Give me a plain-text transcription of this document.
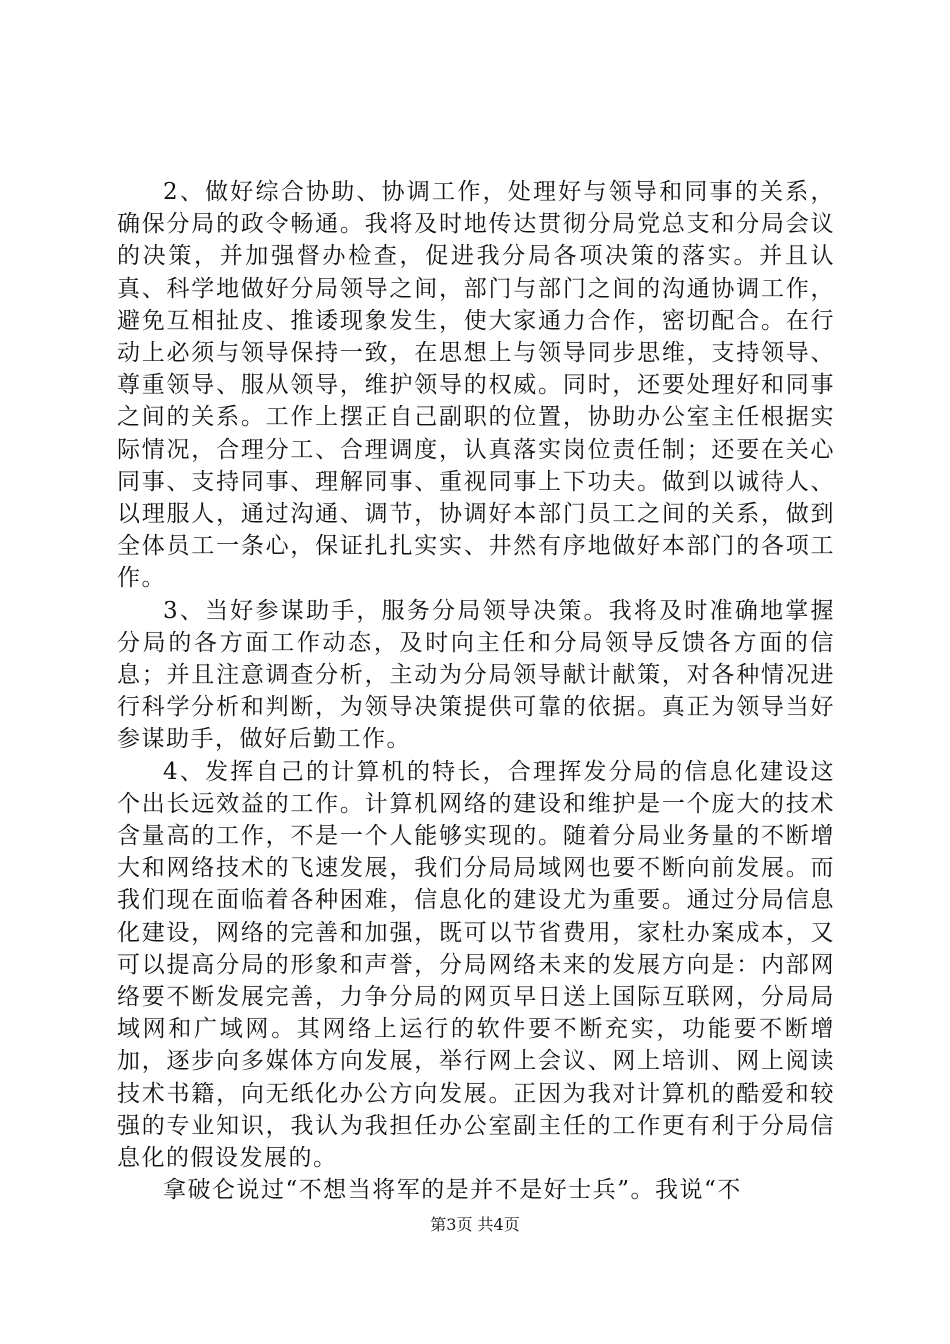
2、做好综合协助、协调工作，处理好与领导和同事的关系，确保分局的政令畅通。我将及时地传达贯彻分局党总支和分局会议的决策，并加强督办检查，促进我分局各项决策的落实。并且认真、科学地做好分局领导之间，部门与部门之间的沟通协调工作，避免互相扯皮、推诿现象发生，使大家通力合作，密切配合。在行动上必须与领导保持一致，在思想上与领导同步思维，支持领导、尊重领导、服从领导，维护领导的权威。同时，还要处理好和同事之间的关系。工作上摆正自己副职的位置，协助办公室主任根据实际情况，合理分工、合理调度，认真落实岗位责任制；还要在关心同事、支持同事、理解同事、重视同事上下功夫。做到以诚待人、以理服人，通过沟通、调节，协调好本部门员工之间的关系，做到全体员工一条心，保证扎扎实实、井然有序地做好本部门的各项工作。

3、当好参谋助手，服务分局领导决策。我将及时准确地掌握分局的各方面工作动态，及时向主任和分局领导反馈各方面的信息；并且注意调查分析，主动为分局领导献计献策，对各种情况进行科学分析和判断，为领导决策提供可靠的依据。真正为领导当好参谋助手，做好后勤工作。

4、发挥自己的计算机的特长，合理挥发分局的信息化建设这个出长远效益的工作。计算机网络的建设和维护是一个庞大的技术含量高的工作，不是一个人能够实现的。随着分局业务量的不断增大和网络技术的飞速发展，我们分局局域网也要不断向前发展。而我们现在面临着各种困难，信息化的建设尤为重要。通过分局信息化建设，网络的完善和加强，既可以节省费用，家杜办案成本，又可以提高分局的形象和声誉，分局网络未来的发展方向是：内部网络要不断发展完善，力争分局的网页早日送上国际互联网，分局局域网和广域网。其网络上运行的软件要不断充实，功能要不断增加，逐步向多媒体方向发展，举行网上会议、网上培训、网上阅读技术书籍，向无纸化办公方向发展。正因为我对计算机的酷爱和较强的专业知识，我认为我担任办公室副主任的工作更有利于分局信息化的假设发展的。

拿破仑说过“不想当将军的是并不是好士兵”。我说“不

第3页 共4页
